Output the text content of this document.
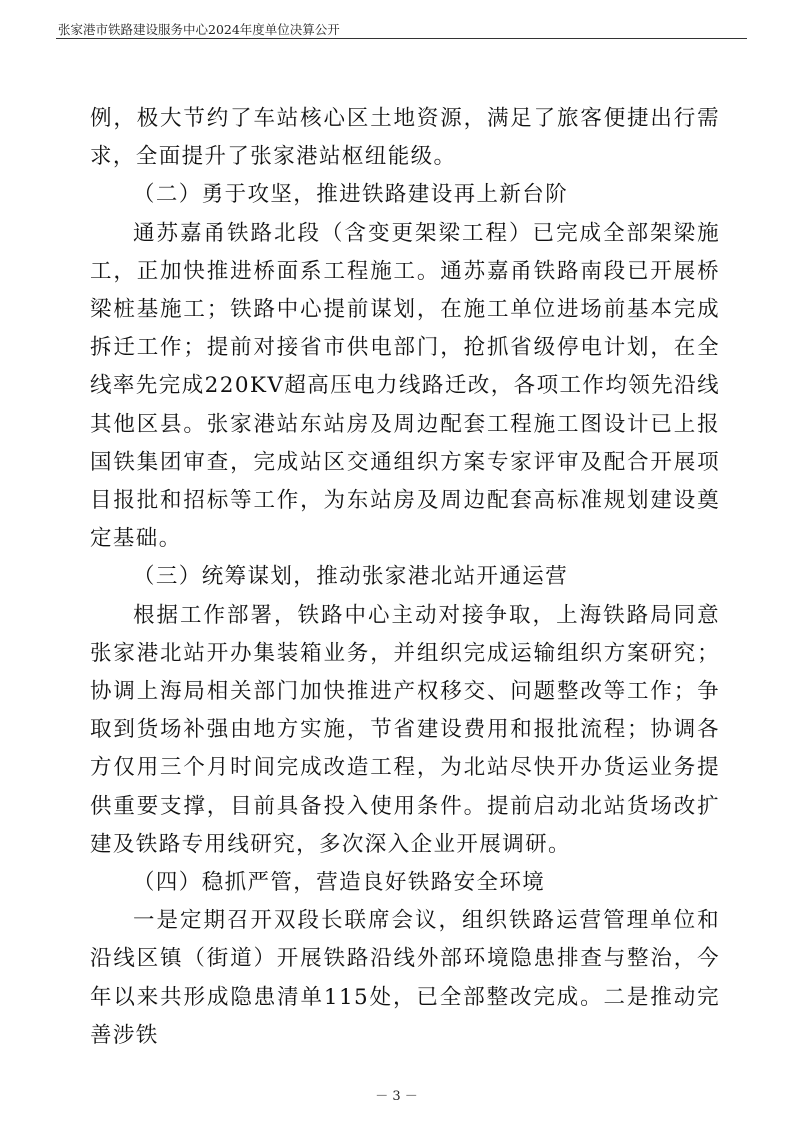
张家港市铁路建设服务中心2024年度单位决算公开

例，极大节约了车站核心区土地资源，满足了旅客便捷出行需求，全面提升了张家港站枢纽能级。

（二）勇于攻坚，推进铁路建设再上新台阶

通苏嘉甬铁路北段（含变更架梁工程）已完成全部架梁施工，正加快推进桥面系工程施工。通苏嘉甬铁路南段已开展桥梁桩基施工；铁路中心提前谋划，在施工单位进场前基本完成拆迁工作；提前对接省市供电部门，抢抓省级停电计划，在全线率先完成220KV超高压电力线路迁改，各项工作均领先沿线其他区县。张家港站东站房及周边配套工程施工图设计已上报国铁集团审查，完成站区交通组织方案专家评审及配合开展项目报批和招标等工作，为东站房及周边配套高标准规划建设奠定基础。

（三）统筹谋划，推动张家港北站开通运营

根据工作部署，铁路中心主动对接争取，上海铁路局同意张家港北站开办集装箱业务，并组织完成运输组织方案研究；协调上海局相关部门加快推进产权移交、问题整改等工作；争取到货场补强由地方实施，节省建设费用和报批流程；协调各方仅用三个月时间完成改造工程，为北站尽快开办货运业务提供重要支撑，目前具备投入使用条件。提前启动北站货场改扩建及铁路专用线研究，多次深入企业开展调研。

（四）稳抓严管，营造良好铁路安全环境

一是定期召开双段长联席会议，组织铁路运营管理单位和沿线区镇（街道）开展铁路沿线外部环境隐患排查与整治，今年以来共形成隐患清单115处，已全部整改完成。二是推动完善涉铁

－ 3 －
